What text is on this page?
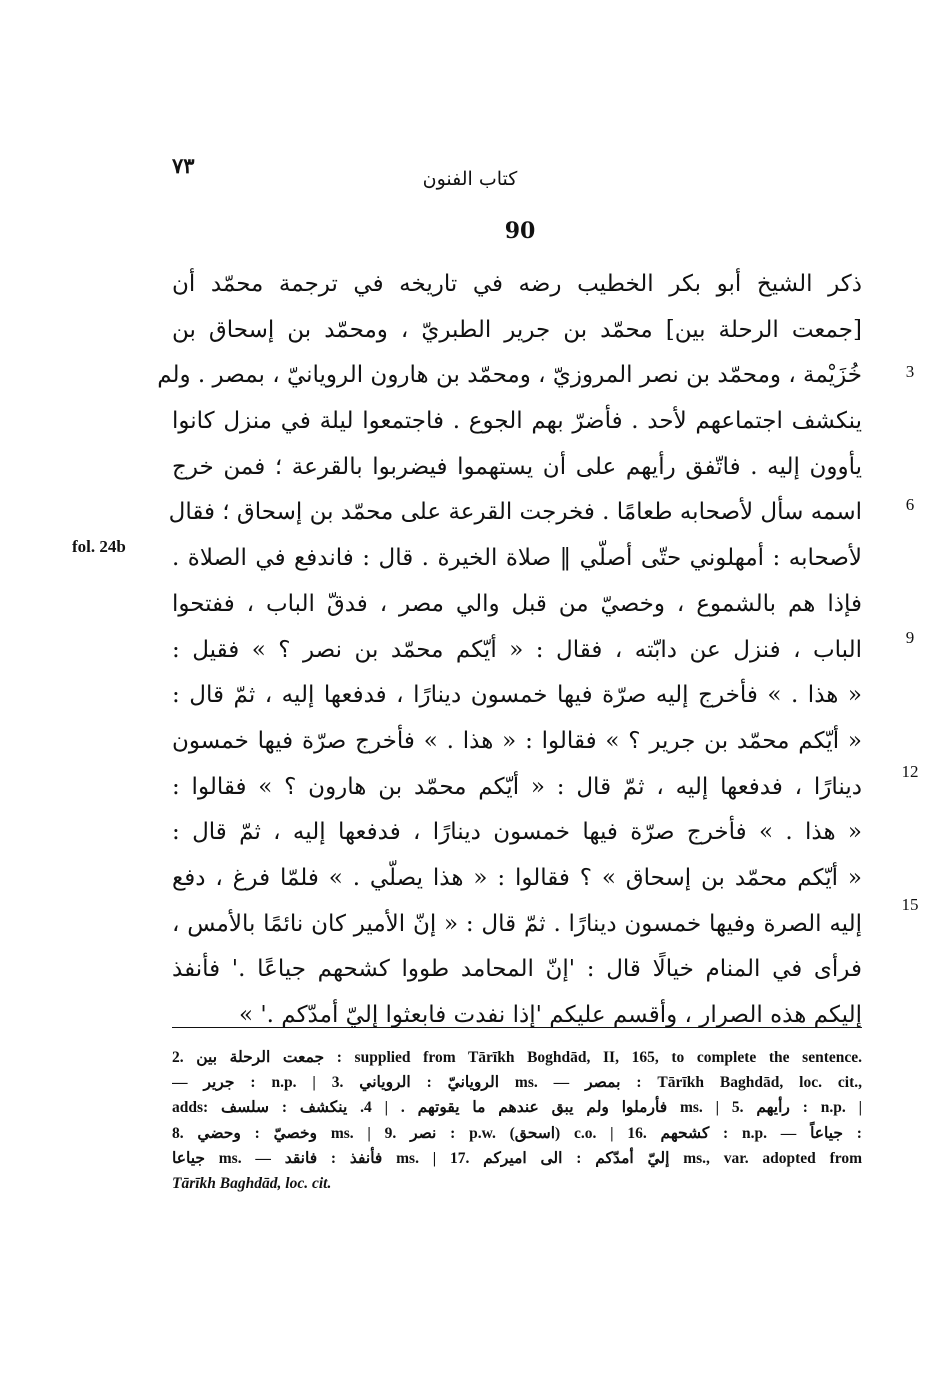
٧٣
كتاب الفنون
90
ذكر الشيخ أبو بكر الخطيب رضه في تاريخه في ترجمة محمّد أن
[جمعت الرحلة بين] محمّد بن جرير الطبريّ ، ومحمّد بن إسحاق بن
خُزَيْمة ، ومحمّد بن نصر المروزيّ ، ومحمّد بن هارون الرويانيّ ، بمصر . ولم
ينكشف اجتماعهم لأحد . فأضرّ بهم الجوع . فاجتمعوا ليلة في منزل كانوا
يأوون إليه . فاتّفق رأيهم على أن يستهموا فيضربوا بالقرعة ؛ فمن خرج
اسمه سأل لأصحابه طعامًا . فخرجت القرعة على محمّد بن إسحاق ؛ فقال
لأصحابه : أمهلوني حتّى أصلّي ‖ صلاة الخيرة . قال : فاندفع في الصلاة .
فإذا هم بالشموع ، وخصيّ من قبل والي مصر ، فدقّ الباب ، ففتحوا
الباب ، فنزل عن دابّته ، فقال : « أيّكم محمّد بن نصر ؟ » فقيل :
« هذا . » فأخرج إليه صرّة فيها خمسون دينارًا ، فدفعها إليه ، ثمّ قال :
« أيّكم محمّد بن جرير ؟ » فقالوا : « هذا . » فأخرج صرّة فيها خمسون
دينارًا ، فدفعها إليه ، ثمّ قال : « أيّكم محمّد بن هارون ؟ » فقالوا :
« هذا . » فأخرج صرّة فيها خمسون دينارًا ، فدفعها إليه ، ثمّ قال :
« أيّكم محمّد بن إسحاق » ؟ فقالوا : « هذا يصلّي . » فلمّا فرغ ، دفع
إليه الصرة وفيها خمسون دينارًا . ثمّ قال : « إنّ الأمير كان نائمًا بالأمس ،
فرأى في المنام خيالًا قال : 'إنّ المحامد طووا كشحهم جياعًا .' فأنفذ
إليكم هذه الصرار ، وأقسم عليكم 'إذا نفدت فابعثوا إليّ أمدّكم .' »
3
6
9
12
15
fol. 24b
2. جمعت الرحلة بين : supplied from Tārīkh Boghdād, II, 165, to complete the sentence.
— جرير : n.p. | 3. الرويانيّ : الروياني ms. — بمصر : Tārīkh Baghdād, loc. cit.,
adds: فأرملوا ولم يبق عندهم ما يقوتهم . | 4. ينكشف : سلسف ms. | 5. رأيهم : n.p. |
8. وخصيّ : وحضي ms. | 9. نصر : p.w. (اسحق) c.o. | 16. كشحهم : n.p. — جياعاً :
جياعا ms. — فأنفذ : فانقد ms. | 17. إليّ أمدّكم : الى اميركم ms., var. adopted from
Tārīkh Baghdād, loc. cit.
